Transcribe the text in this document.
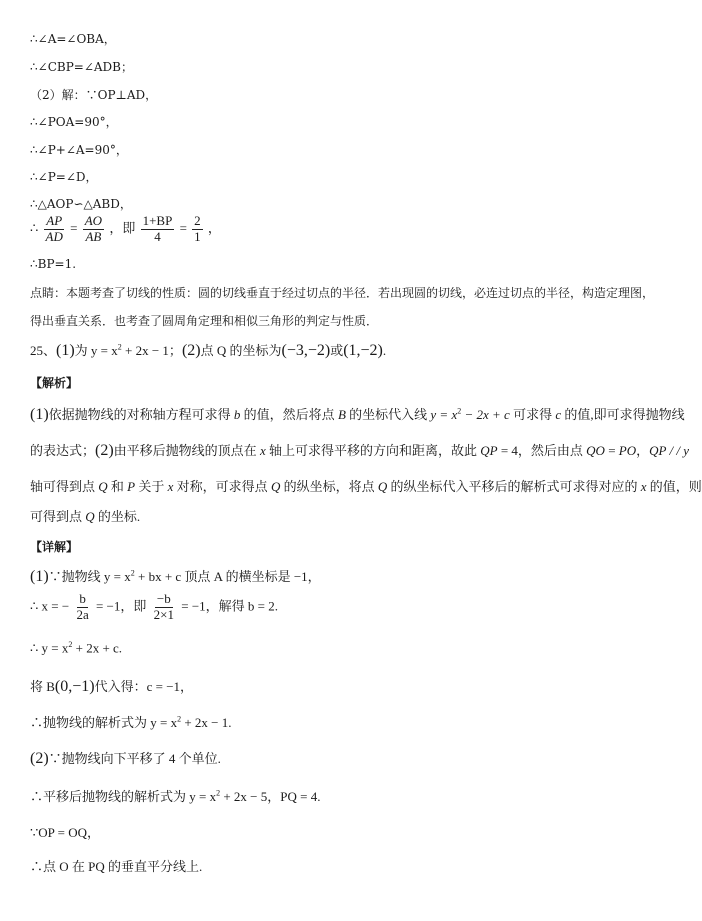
∴∠A=∠OBA，
∴∠CBP=∠ADB；
（2）解：∵OP⊥AD，
∴∠POA=90°，
∴∠P+∠A=90°，
∴∠P=∠D，
∴△AOP∽△ABD，
∴ $\frac{AP}{AD} = \frac{AO}{AB}$ ，即 $\frac{1+BP}{4} = \frac{2}{1}$ ，
∴BP=1.
点睛：本题考查了切线的性质：圆的切线垂直于经过切点的半径．若出现圆的切线，必连过切点的半径，构造定理图，
得出垂直关系．也考查了圆周角定理和相似三角形的判定与性质．
25、(1)为 $y = x^2 + 2x - 1$；(2)点 Q 的坐标为(−3,−2)或(1,−2).
【解析】
(1)依据抛物线的对称轴方程可求得 b 的值，然后将点 B 的坐标代入线 $y = x^2 - 2x + c$ 可求得 c 的值,即可求得抛物线
的表达式；(2)由平移后抛物线的顶点在 x 轴上可求得平移的方向和距离，故此 QP = 4，然后由点 QO = PO，QP / / y
轴可得到点 Q 和 P 关于 x 对称，可求得点 Q 的纵坐标，将点 Q 的纵坐标代入平移后的解析式可求得对应的 x 的值，则
可得到点 Q 的坐标.
【详解】
(1)∵抛物线 $y = x^2$ + bx + c 顶点 A 的横坐标是 −1，
∴ x = − $\frac{b}{2a} = -1$，即 $\frac{-b}{2\times 1} = -1$，解得 b = 2.
∴ $y = x^2 + 2x + c$.
将 B(0,−1)代入得：c = −1，
∴抛物线的解析式为 $y = x^2 + 2x - 1$.
(2)∵抛物线向下平移了 4 个单位.
∴平移后抛物线的解析式为 $y = x^2 + 2x - 5$，PQ = 4.
∵OP = OQ，
∴点 O 在 PQ 的垂直平分线上.
